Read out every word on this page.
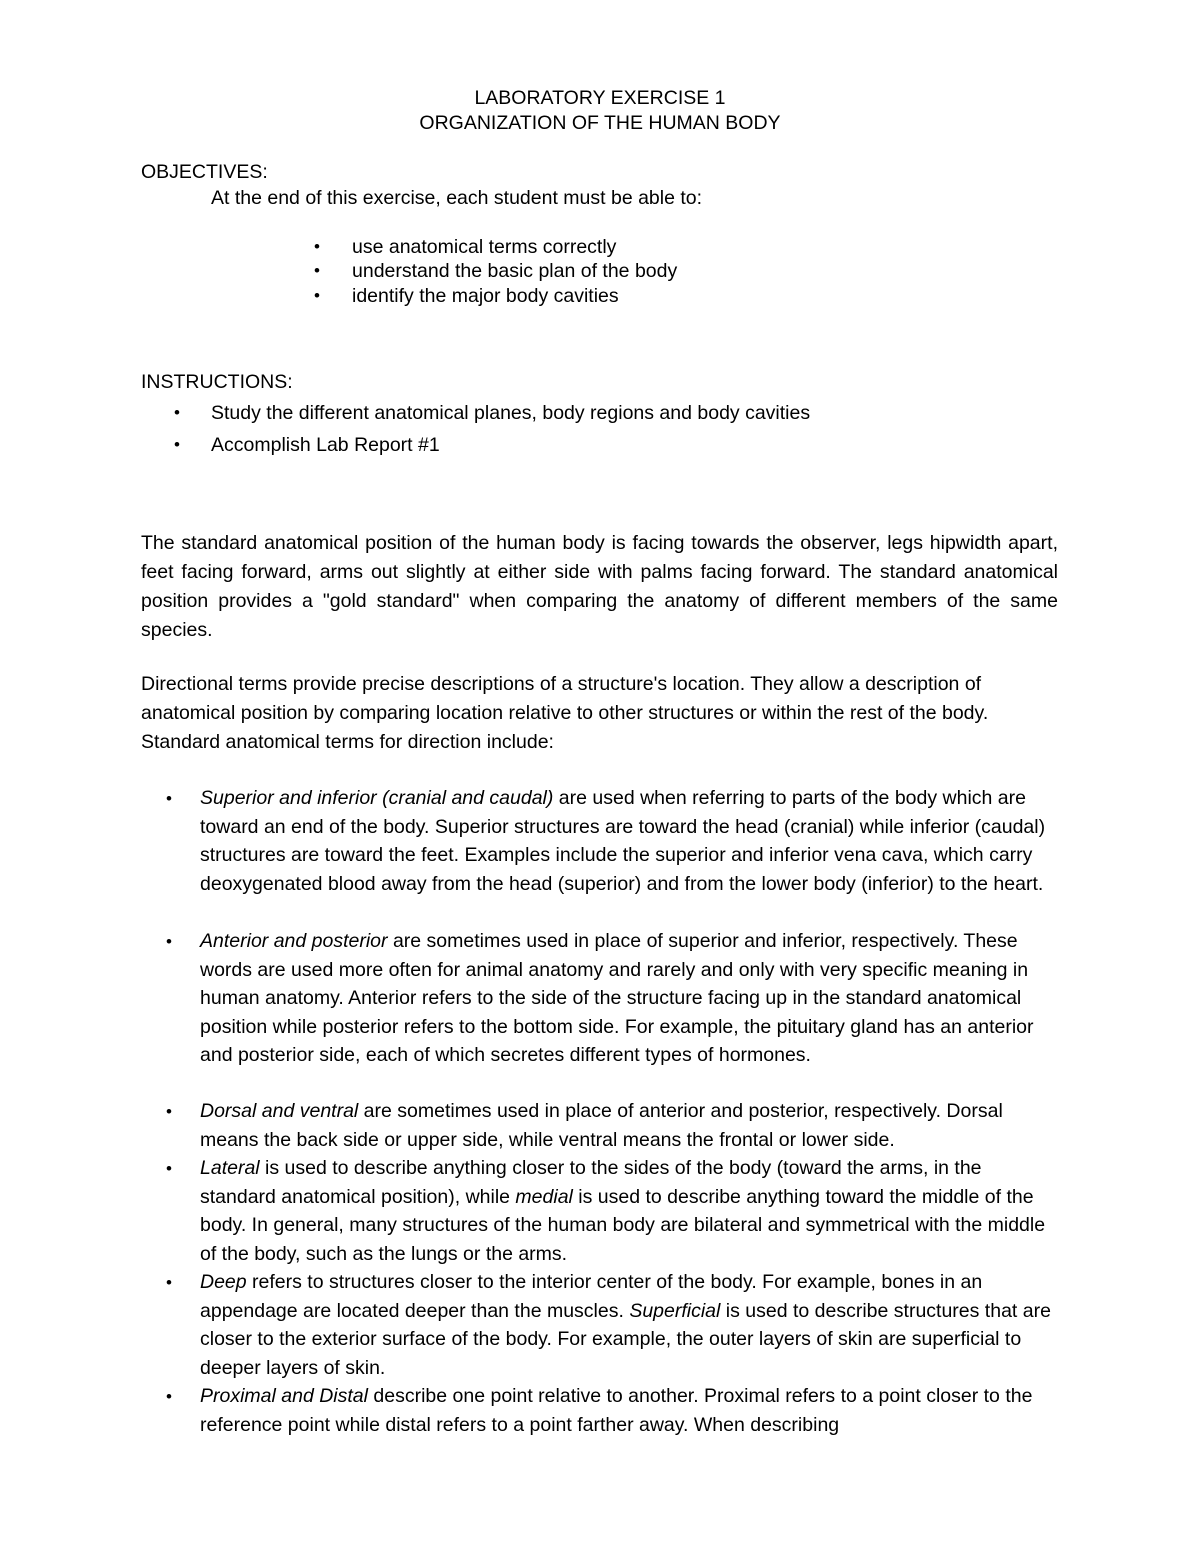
LABORATORY EXERCISE 1
ORGANIZATION OF THE HUMAN BODY
OBJECTIVES:
At the end of this exercise, each student must be able to:
• use anatomical terms correctly
• understand the basic plan of the body
• identify the major body cavities
INSTRUCTIONS:
• Study the different anatomical planes, body regions and body cavities
• Accomplish Lab Report #1
The standard anatomical position of the human body is facing towards the observer, legs hipwidth apart, feet facing forward, arms out slightly at either side with palms facing forward. The standard anatomical position provides a "gold standard" when comparing the anatomy of different members of the same species.
Directional terms provide precise descriptions of a structure's location. They allow a description of anatomical position by comparing location relative to other structures or within the rest of the body. Standard anatomical terms for direction include:
• Superior and inferior (cranial and caudal) are used when referring to parts of the body which are toward an end of the body. Superior structures are toward the head (cranial) while inferior (caudal) structures are toward the feet. Examples include the superior and inferior vena cava, which carry deoxygenated blood away from the head (superior) and from the lower body (inferior) to the heart.
• Anterior and posterior are sometimes used in place of superior and inferior, respectively. These words are used more often for animal anatomy and rarely and only with very specific meaning in human anatomy. Anterior refers to the side of the structure facing up in the standard anatomical position while posterior refers to the bottom side. For example, the pituitary gland has an anterior and posterior side, each of which secretes different types of hormones.
• Dorsal and ventral are sometimes used in place of anterior and posterior, respectively. Dorsal means the back side or upper side, while ventral means the frontal or lower side.
• Lateral is used to describe anything closer to the sides of the body (toward the arms, in the standard anatomical position), while medial is used to describe anything toward the middle of the body. In general, many structures of the human body are bilateral and symmetrical with the middle of the body, such as the lungs or the arms.
• Deep refers to structures closer to the interior center of the body. For example, bones in an appendage are located deeper than the muscles. Superficial is used to describe structures that are closer to the exterior surface of the body. For example, the outer layers of skin are superficial to deeper layers of skin.
• Proximal and Distal describe one point relative to another. Proximal refers to a point closer to the reference point while distal refers to a point farther away. When describing
